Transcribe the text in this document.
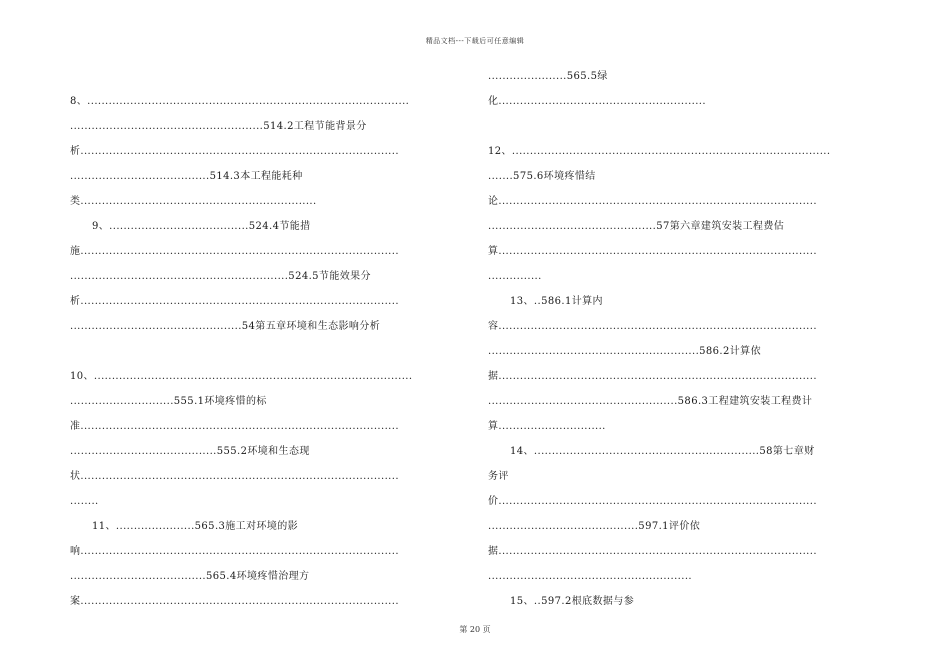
精品文档---下载后可任意编辑
8、..........................................................................................
......................................................514.2工程节能背景分
析.........................................................................................
.......................................514.3本工程能耗种
类..................................................................
9、.......................................524.4节能措
施.........................................................................................
.............................................................524.5节能效果分
析.........................................................................................
................................................54第五章环境和生态影响分析
10、.........................................................................................
.............................555.1环境疼惜的标
准.........................................................................................
.........................................555.2环境和生态现
状.........................................................................................
........
11、......................565.3施工对环境的影
响.........................................................................................
......................................565.4环境疼惜治理方
案.........................................................................................
......................565.5绿
化..........................................................
12、.........................................................................................
.......575.6环境疼惜结
论.........................................................................................
...............................................57第六章建筑安装工程费估
算.........................................................................................
...............
13、..586.1计算内
容.........................................................................................
...........................................................586.2计算依
据.........................................................................................
.....................................................586.3工程建筑安装工程费计
算..............................
14、...............................................................58第七章财
务评
价.........................................................................................
..........................................597.1评价依
据.........................................................................................
.........................................................
15、..597.2根底数据与参
第 20 页
